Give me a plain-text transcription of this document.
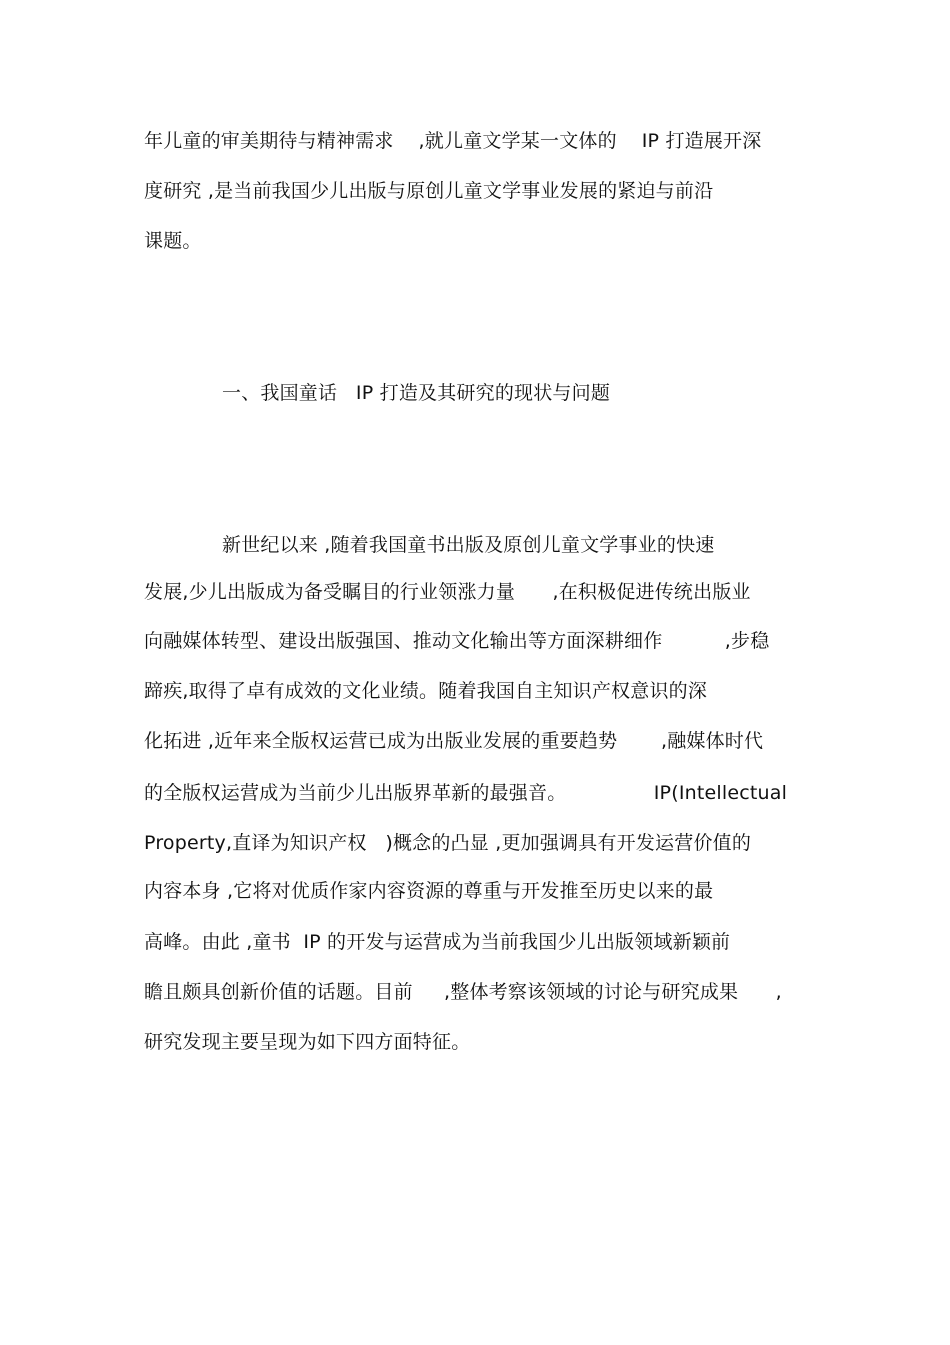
年儿童的审美期待与精神需求    ,就儿童文学某一文体的    IP 打造展开深
度研究 ,是当前我国少儿出版与原创儿童文学事业发展的紧迫与前沿
课题。
一、我国童话   IP 打造及其研究的现状与问题
新世纪以来 ,随着我国童书出版及原创儿童文学事业的快速
发展,少儿出版成为备受瞩目的行业领涨力量      ,在积极促进传统出版业
向融媒体转型、建设出版强国、推动文化输出等方面深耕细作          ,步稳
蹄疾,取得了卓有成效的文化业绩。随着我国自主知识产权意识的深
化拓进 ,近年来全版权运营已成为出版业发展的重要趋势       ,融媒体时代
的全版权运营成为当前少儿出版界革新的最强音。              IP(Intellectual
Property,直译为知识产权   )概念的凸显 ,更加强调具有开发运营价值的
内容本身 ,它将对优质作家内容资源的尊重与开发推至历史以来的最
高峰。由此 ,童书  IP 的开发与运营成为当前我国少儿出版领域新颖前
瞻且颇具创新价值的话题。目前     ,整体考察该领域的讨论与研究成果      ,
研究发现主要呈现为如下四方面特征。
